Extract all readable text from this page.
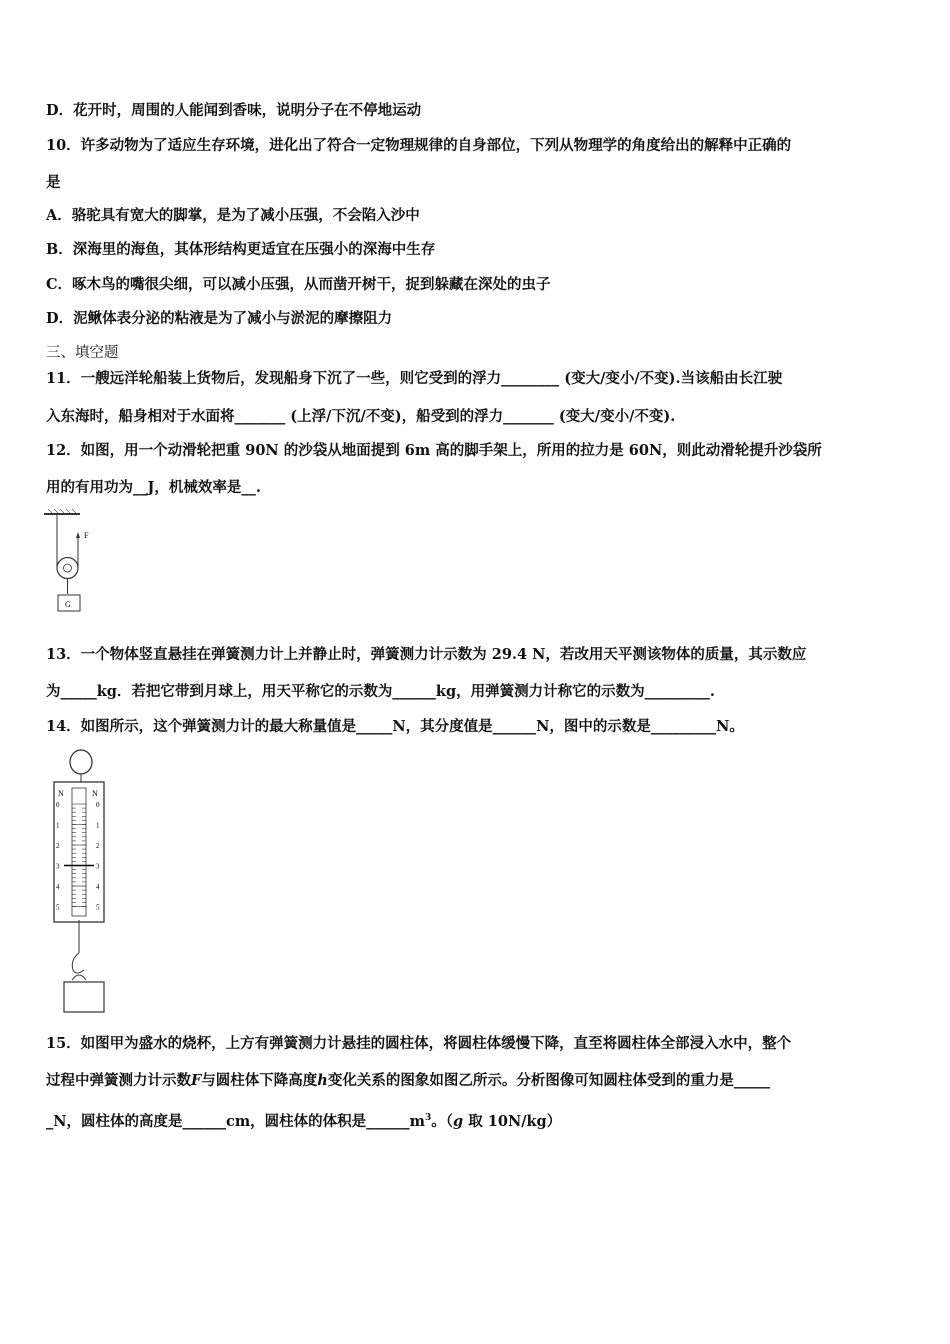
D．花开时，周围的人能闻到香味，说明分子在不停地运动
10．许多动物为了适应生存环境，进化出了符合一定物理规律的自身部位，下列从物理学的角度给出的解释中正确的
是
A．骆驼具有宽大的脚掌，是为了减小压强，不会陷入沙中
B．深海里的海鱼，其体形结构更适宜在压强小的深海中生存
C．啄木鸟的嘴很尖细，可以减小压强，从而凿开树干，捉到躲藏在深处的虫子
D．泥鳅体表分泌的粘液是为了减小与淤泥的摩擦阻力
三、填空题
11．一艘远洋轮船装上货物后，发现船身下沉了一些，则它受到的浮力________ (变大/变小/不变).当该船由长江驶
入东海时，船身相对于水面将_______ (上浮/下沉/不变)，船受到的浮力_______ (变大/变小/不变).
12．如图，用一个动滑轮把重 90N 的沙袋从地面提到 6m 高的脚手架上，所用的拉力是 60N，则此动滑轮提升沙袋所
用的有用功为__J，机械效率是__.
F
G
13．一个物体竖直悬挂在弹簧测力计上并静止时，弹簧测力计示数为 29.4 N，若改用天平测该物体的质量，其示数应
为_____kg．若把它带到月球上，用天平称它的示数为______kg，用弹簧测力计称它的示数为_________.
14．如图所示，这个弹簧测力计的最大称量值是_____N，其分度值是______N，图中的示数是_________N。
N	N
0	0
1	1
2	2
3	3
4	4
5	5
15．如图甲为盛水的烧杯，上方有弹簧测力计悬挂的圆柱体，将圆柱体缓慢下降，直至将圆柱体全部浸入水中，整个
过程中弹簧测力计示数F与圆柱体下降高度h变化关系的图象如图乙所示。分析图像可知圆柱体受到的重力是_____
_N，圆柱体的高度是______cm，圆柱体的体积是$\_\_\_\_\_\_m^3$。（g 取 10N/kg）
